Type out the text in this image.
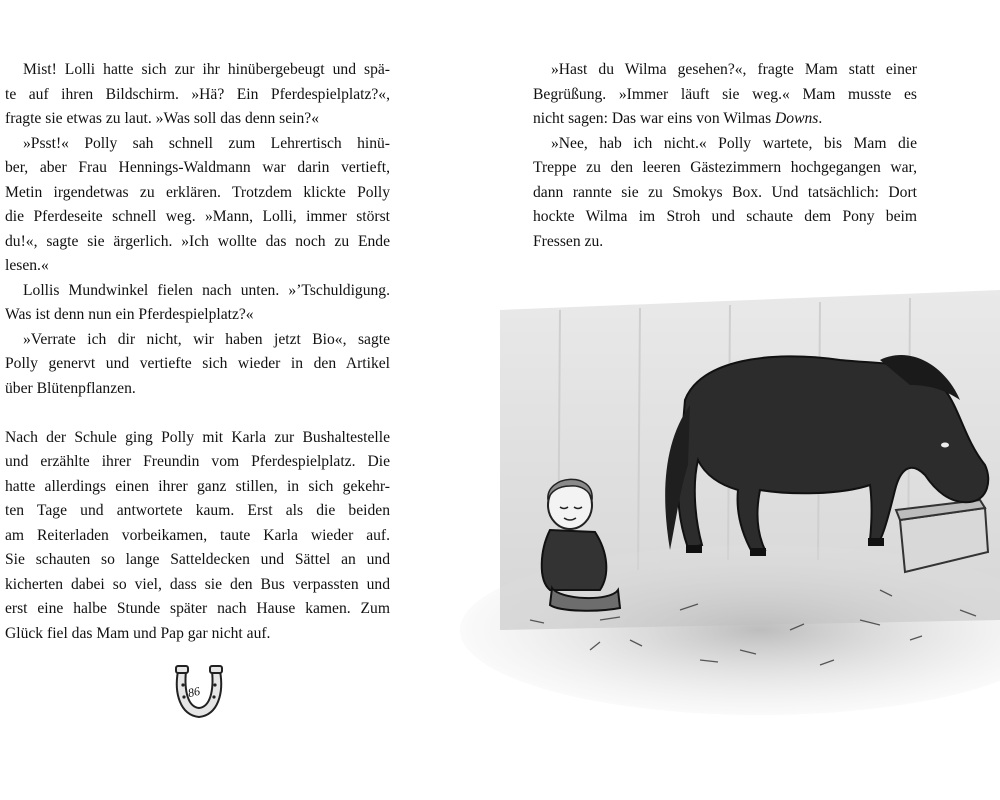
Mist! Lolli hatte sich zur ihr hinübergebeugt und spä-
te auf ihren Bildschirm. »Hä? Ein Pferdespielplatz?«,
fragte sie etwas zu laut. »Was soll das denn sein?«
»Psst!« Polly sah schnell zum Lehrertisch hinü-
ber, aber Frau Hennings-Waldmann war darin vertieft,
Metin irgendetwas zu erklären. Trotzdem klickte Polly
die Pferdeseite schnell weg. »Mann, Lolli, immer störst
du!«, sagte sie ärgerlich. »Ich wollte das noch zu Ende
lesen.«
Lollis Mundwinkel fielen nach unten. »’Tschuldigung.
Was ist denn nun ein Pferdespielplatz?«
»Verrate ich dir nicht, wir haben jetzt Bio«, sagte
Polly genervt und vertiefte sich wieder in den Artikel
über Blütenpflanzen.
Nach der Schule ging Polly mit Karla zur Bushaltestelle
und erzählte ihrer Freundin vom Pferdespielplatz. Die
hatte allerdings einen ihrer ganz stillen, in sich gekehr-
ten Tage und antwortete kaum. Erst als die beiden
am Reiterladen vorbeikamen, taute Karla wieder auf.
Sie schauten so lange Satteldecken und Sättel an und
kicherten dabei so viel, dass sie den Bus verpassten und
erst eine halbe Stunde später nach Hause kamen. Zum
Glück fiel das Mam und Pap gar nicht auf.
86
»Hast du Wilma gesehen?«, fragte Mam statt einer
Begrüßung. »Immer läuft sie weg.« Mam musste es
nicht sagen: Das war eins von Wilmas Downs.
»Nee, hab ich nicht.« Polly wartete, bis Mam die
Treppe zu den leeren Gästezimmern hochgegangen war,
dann rannte sie zu Smokys Box. Und tatsächlich: Dort
hockte Wilma im Stroh und schaute dem Pony beim
Fressen zu.
